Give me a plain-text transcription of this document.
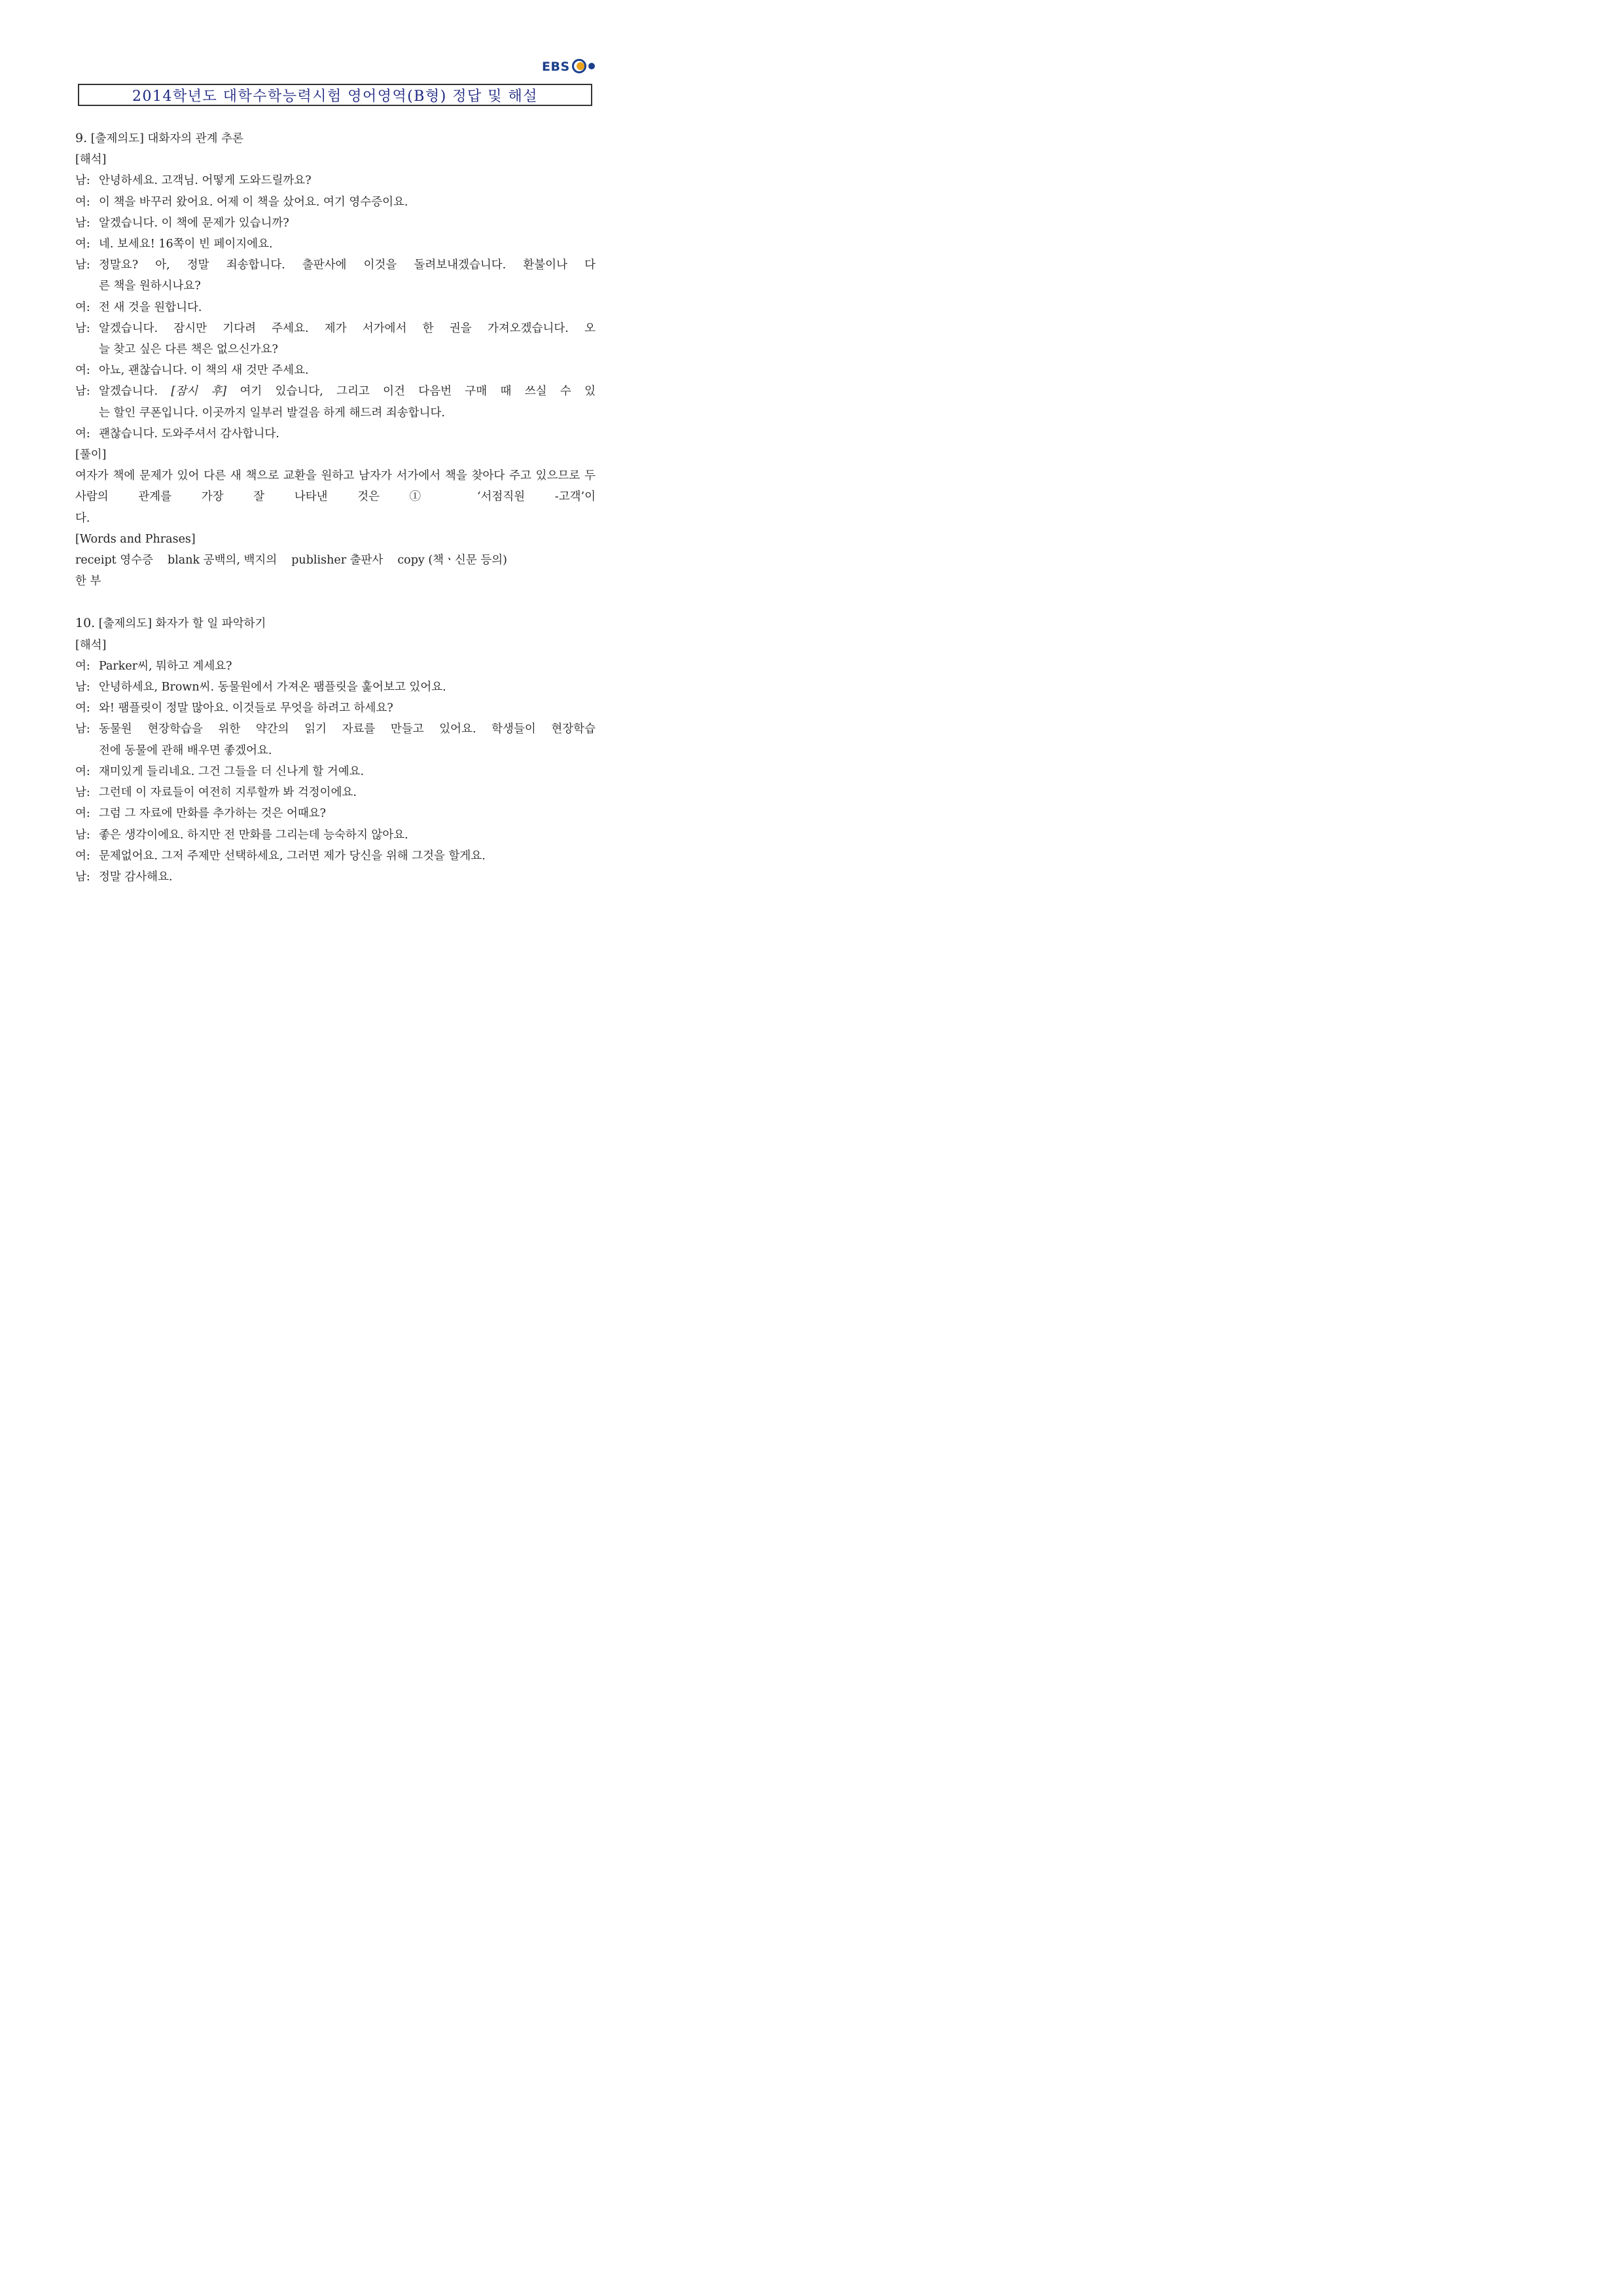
EBS
2014학년도 대학수학능력시험 영어영역(B형) 정답 및 해설
9. [출제의도] 대화자의 관계 추론
[해석]
남: 안녕하세요. 고객님. 어떻게 도와드릴까요?
여: 이 책을 바꾸러 왔어요. 어제 이 책을 샀어요. 여기 영수증이요.
남: 알겠습니다. 이 책에 문제가 있습니까?
여: 네. 보세요! 16쪽이 빈 페이지에요.
남: 정말요? 아, 정말 죄송합니다. 출판사에 이것을 돌려보내겠습니다. 환불이나 다
른 책을 원하시나요?
여: 전 새 것을 원합니다.
남: 알겠습니다. 잠시만 기다려 주세요. 제가 서가에서 한 권을 가져오겠습니다. 오
늘 찾고 싶은 다른 책은 없으신가요?
여: 아뇨, 괜찮습니다. 이 책의 새 것만 주세요.
남: 알겠습니다. [잠시 후] 여기 있습니다, 그리고 이건 다음번 구매 때 쓰실 수 있
는 할인 쿠폰입니다. 이곳까지 일부러 발걸음 하게 해드려 죄송합니다.
여: 괜찮습니다. 도와주셔서 감사합니다.
[풀이]
여자가 책에 문제가 있어 다른 새 책으로 교환을 원하고 남자가 서가에서 책을 찾아다 주고 있으므로 두 사람의 관계를 가장 잘 나타낸 것은 ① ‘서점직원 -고객’이
다.
[Words and Phrases]
receipt 영수증 blank 공백의, 백지의 publisher 출판사 copy (책ㆍ신문 등의)
한 부
10. [출제의도] 화자가 할 일 파악하기
[해석]
여: Parker씨, 뭐하고 계세요?
남: 안녕하세요, Brown씨. 동물원에서 가져온 팸플릿을 훑어보고 있어요.
여: 와! 팸플릿이 정말 많아요. 이것들로 무엇을 하려고 하세요?
남: 동물원 현장학습을 위한 약간의 읽기 자료를 만들고 있어요. 학생들이 현장학습
전에 동물에 관해 배우면 좋겠어요.
여: 재미있게 들리네요. 그건 그들을 더 신나게 할 거예요.
남: 그런데 이 자료들이 여전히 지루할까 봐 걱정이에요.
여: 그럼 그 자료에 만화를 추가하는 것은 어때요?
남: 좋은 생각이에요. 하지만 전 만화를 그리는데 능숙하지 않아요.
여: 문제없어요. 그저 주제만 선택하세요, 그러면 제가 당신을 위해 그것을 할게요.
남: 정말 감사해요.
